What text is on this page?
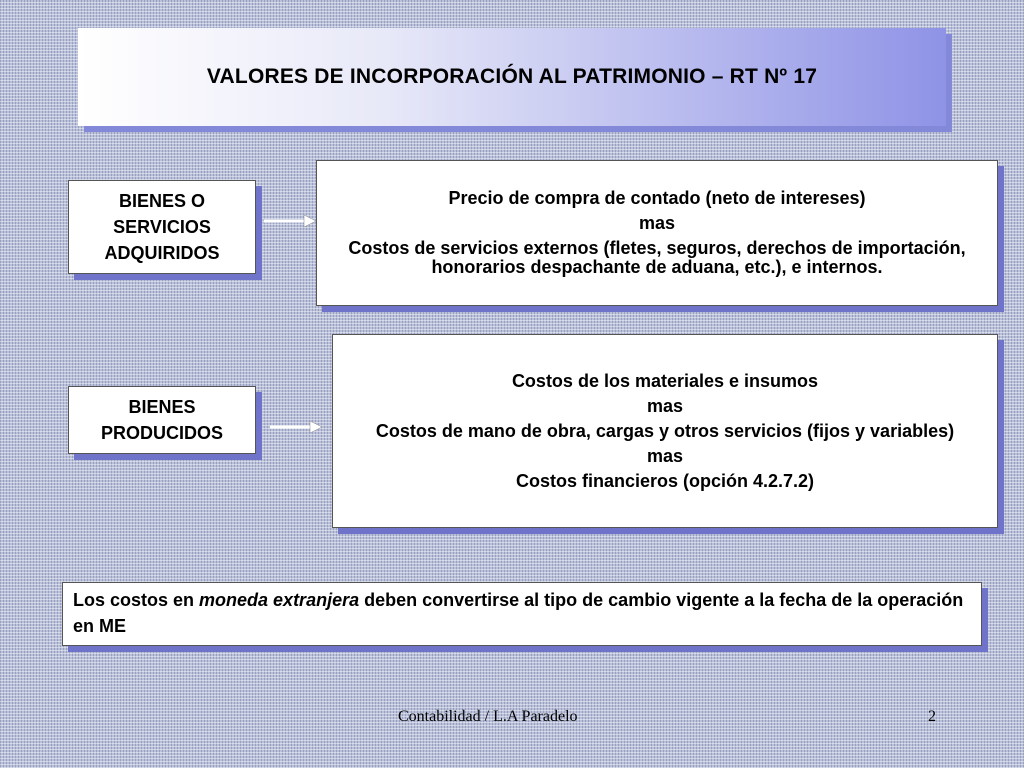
VALORES DE INCORPORACIÓN AL PATRIMONIO – RT Nº 17
BIENES O SERVICIOS ADQUIRIDOS

Precio de compra de contado (neto de intereses)

mas

Costos de servicios externos (fletes, seguros, derechos de importación, honorarios despachante de aduana, etc.), e internos.

BIENES PRODUCIDOS

Costos de los materiales e insumos

mas

Costos de mano de obra, cargas y otros servicios (fijos y variables)

mas

Costos financieros (opción 4.2.7.2)

Los costos en moneda extranjera deben convertirse al tipo de cambio vigente a la fecha de la operación en ME
Contabilidad / L.A Paradelo	2
